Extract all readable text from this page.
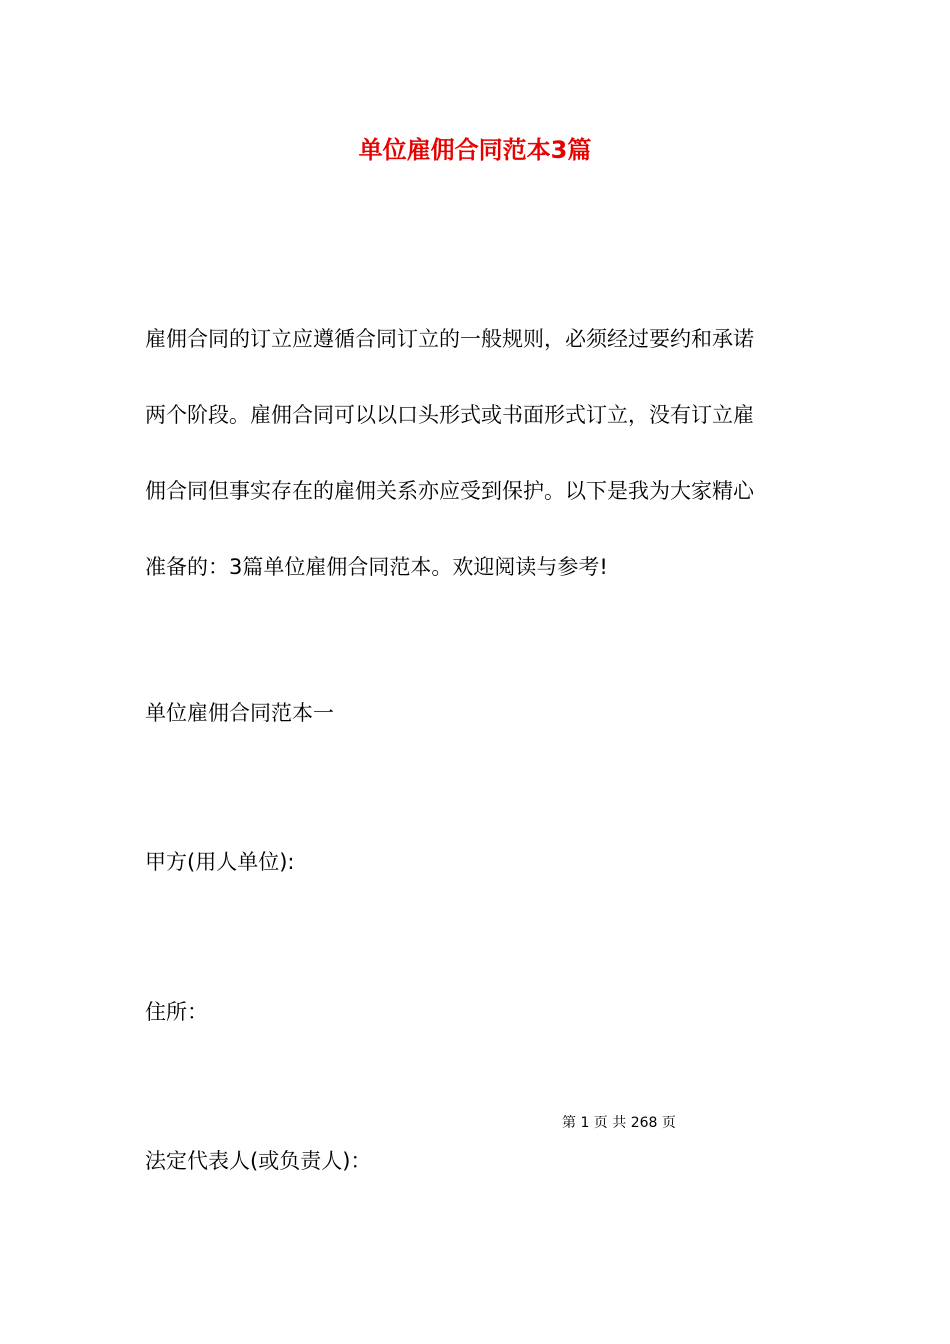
单位雇佣合同范本3篇
雇佣合同的订立应遵循合同订立的一般规则，必须经过要约和承诺
两个阶段。雇佣合同可以以口头形式或书面形式订立，没有订立雇
佣合同但事实存在的雇佣关系亦应受到保护。以下是我为大家精心
准备的：3篇单位雇佣合同范本。欢迎阅读与参考!
单位雇佣合同范本一
甲方(用人单位):
住所：
第 1 页 共 268 页
法定代表人(或负责人)：
